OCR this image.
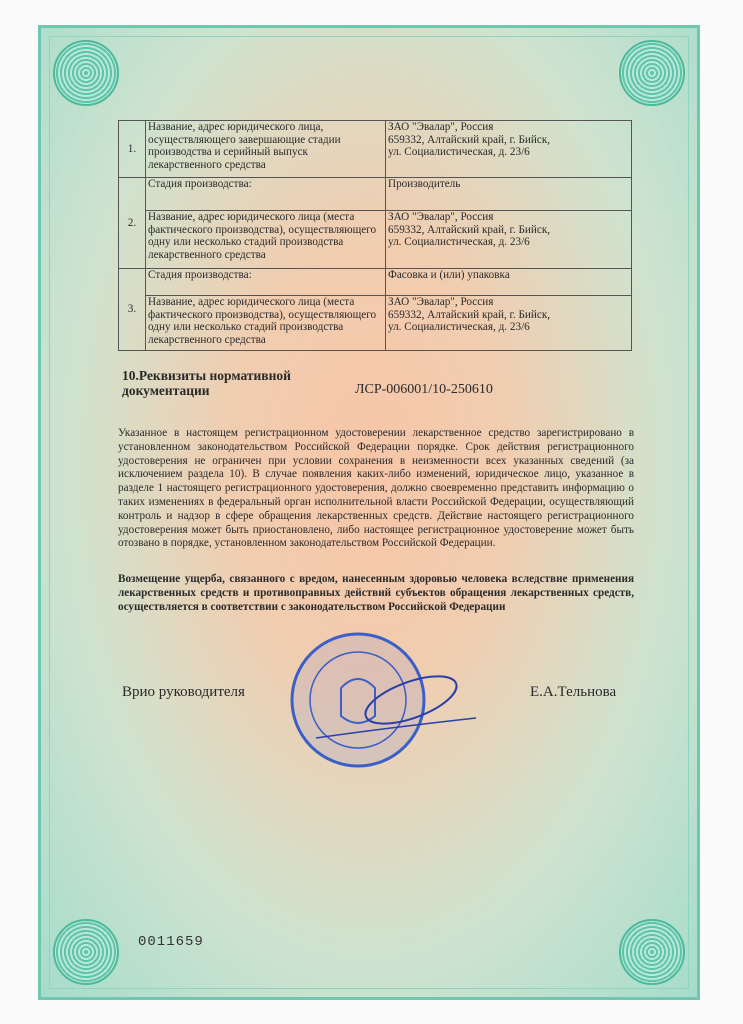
1.	Название, адрес юридического лица, осуществляющего завершающие стадии производства и серийный выпуск лекарственного средства	ЗАО "Эвалар", Россия
659332, Алтайский край, г. Бийск,
ул. Социалистическая, д. 23/6
2.	Стадия производства:	Производитель
	Название, адрес юридического лица (места фактического производства), осуществляющего одну или несколько стадий производства лекарственного средства	ЗАО "Эвалар", Россия
659332, Алтайский край, г. Бийск,
ул. Социалистическая, д. 23/6
3.	Стадия производства:	Фасовка и (или) упаковка
	Название, адрес юридического лица (места фактического производства), осуществляющего одну или несколько стадий производства лекарственного средства	ЗАО "Эвалар", Россия
659332, Алтайский край, г. Бийск,
ул. Социалистическая, д. 23/6
10.Реквизиты нормативной документации	ЛСР-006001/10-250610
Указанное в настоящем регистрационном удостоверении лекарственное средство зарегистрировано в установленном законодательством Российской Федерации порядке. Срок действия регистрационного удостоверения не ограничен при условии сохранения в неизменности всех указанных сведений (за исключением раздела 10). В случае появления каких-либо изменений, юридическое лицо, указанное в разделе 1 настоящего регистрационного удостоверения, должно своевременно представить информацию о таких изменениях в федеральный орган исполнительной власти Российской Федерации, осуществляющий контроль и надзор в сфере обращения лекарственных средств. Действие настоящего регистрационного удостоверения может быть приостановлено, либо настоящее регистрационное удостоверение может быть отозвано в порядке, установленном законодательством Российской Федерации.
Возмещение ущерба, связанного с вредом, нанесенным здоровью человека вследствие применения лекарственных средств и противоправных действий субъектов обращения лекарственных средств, осуществляется в соответствии с законодательством Российской Федерации
Врио руководителя	Е.А.Тельнова
0011659
